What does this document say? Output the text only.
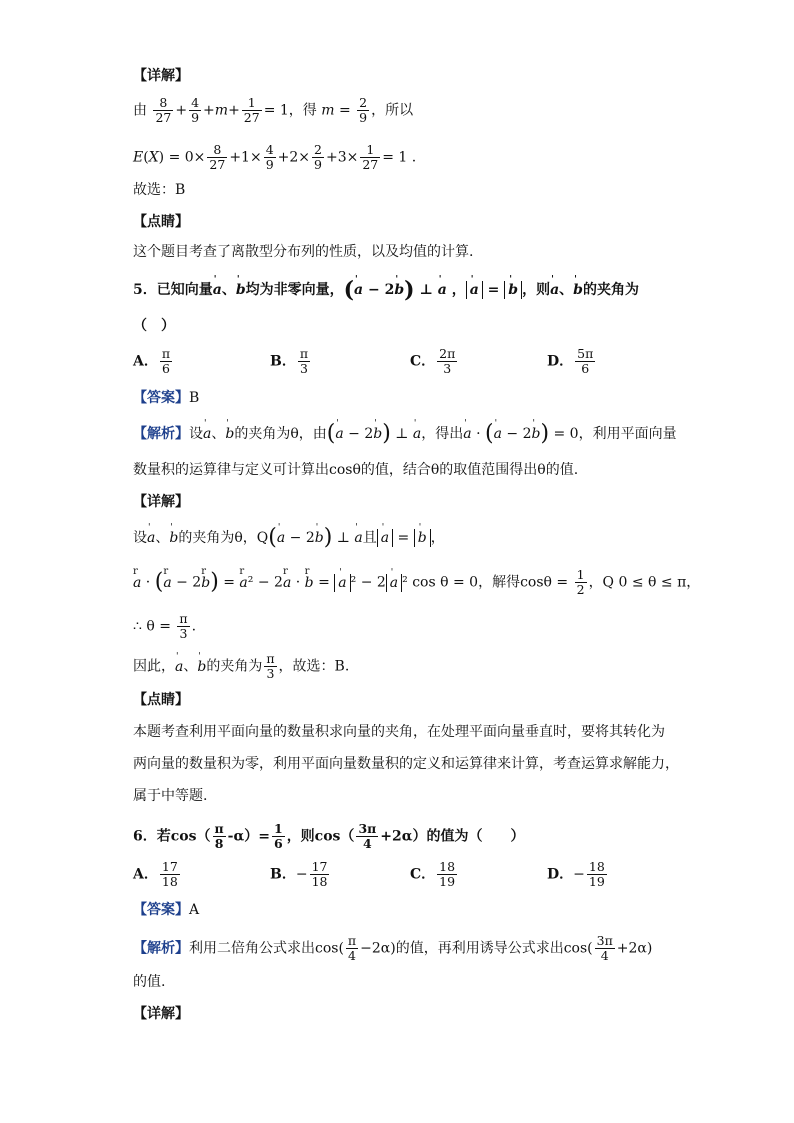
【详解】
由 $\frac{8}{27} + \frac{4}{9} +m+ \frac{1}{27} = 1$，得 $m = \frac{2}{9}$ ，所以
$E(X) = 0\times \frac{8}{27} +1\times \frac{4}{9} +2\times \frac{2}{9} +3\times \frac{1}{27} = 1$ .
故选：B
【点睛】
这个题目考查了离散型分布列的性质，以及均值的计算.
5．已知向量' a、' b均为非零向量，(' a − 2' b) ⊥ ' a ， ' a = ' b ，则' a、' b的夹角为
（　）
A． $\frac{\pi}{6}$	B． $\frac{\pi}{3}$	C． $\frac{2\pi}{3}$	D． $\frac{5\pi}{6}$
【答案】B
【解析】设' a、' b的夹角为θ，由(' a − 2' b) ⊥ ' a，得出' a · (' a − 2' b) = 0，利用平面向量
数量积的运算律与定义可计算出cosθ的值，结合θ的取值范围得出θ的值.
【详解】
设' a、' b的夹角为θ，Q(' a − 2' b) ⊥ ' a且 ' a = ' b ，
r a · (r a − 2r b) = r a² − 2r a · r b = ' a ² − 2 ' a ² cos θ = 0，解得$\cos\theta = \frac{1}{2}$ ，Q 0 ≤ θ ≤ π，
∴ $\theta = \frac{\pi}{3}$ .
因此，' a、' b的夹角为 $\frac{\pi}{3}$ ，故选：B.
【点睛】
本题考查利用平面向量的数量积求向量的夹角，在处理平面向量垂直时，要将其转化为
两向量的数量积为零，利用平面向量数量积的定义和运算律来计算，考查运算求解能力，
属于中等题.
6．若$\cos( \frac{\pi}{8} -\alpha)= \frac{1}{6}$ ，则$\cos( \frac{3\pi}{4} +2\alpha)$的值为（　　）
A． $\frac{17}{18}$	B．− $\frac{17}{18}$	C． $\frac{18}{19}$	D．− $\frac{18}{19}$
【答案】A
【解析】利用二倍角公式求出$\cos( \frac{\pi}{4} -2\alpha)$的值，再利用诱导公式求出$\cos( \frac{3\pi}{4} +2\alpha)$
的值.
【详解】
